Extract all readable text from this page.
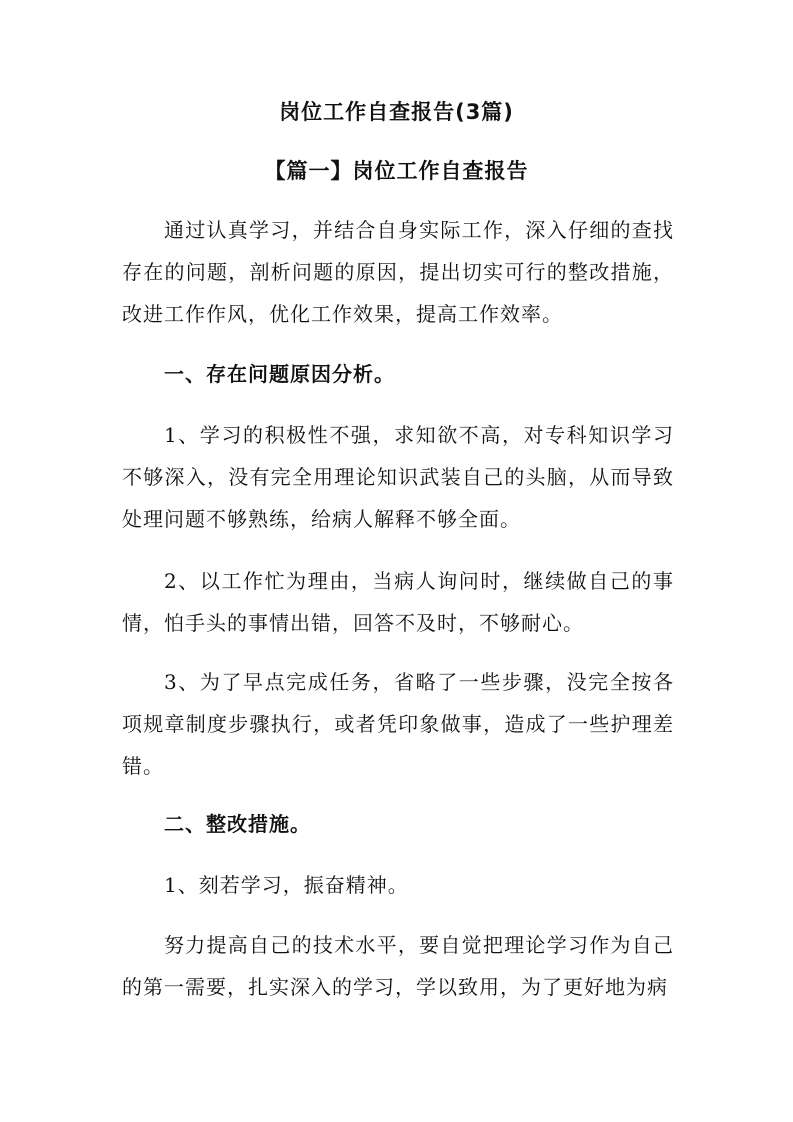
岗位工作自查报告(3篇)
【篇一】岗位工作自查报告
通过认真学习，并结合自身实际工作，深入仔细的查找存在的问题，剖析问题的原因，提出切实可行的整改措施，改进工作作风，优化工作效果，提高工作效率。
一、存在问题原因分析。
1、学习的积极性不强，求知欲不高，对专科知识学习不够深入，没有完全用理论知识武装自己的头脑，从而导致处理问题不够熟练，给病人解释不够全面。
2、以工作忙为理由，当病人询问时，继续做自己的事情，怕手头的事情出错，回答不及时，不够耐心。
3、为了早点完成任务，省略了一些步骤，没完全按各项规章制度步骤执行，或者凭印象做事，造成了一些护理差错。
二、整改措施。
1、刻若学习，振奋精神。
努力提高自己的技术水平，要自觉把理论学习作为自己的第一需要，扎实深入的学习，学以致用，为了更好地为病
